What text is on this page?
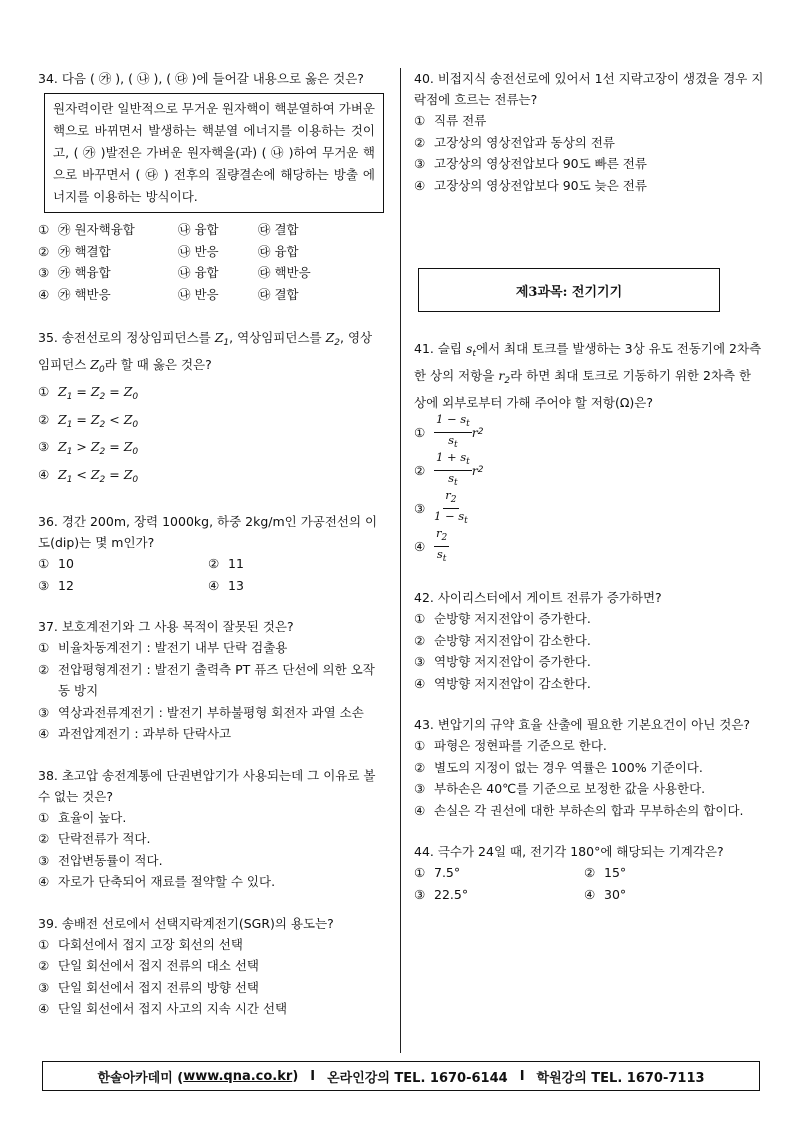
34. 다음 ( ㉮ ), ( ㉯ ), ( ㉰ )에 들어갈 내용으로 옳은 것은?

원자력이란 일반적으로 무거운 원자핵이 핵분열하여 가벼운 핵으로 바뀌면서 발생하는 핵분열 에너지를 이용하는 것이고, ( ㉮ )발전은 가벼운 원자핵을(과) ( ㉯ )하여 무거운 핵으로 바꾸면서 ( ㉰ ) 전후의 질량결손에 해당하는 방출 에너지를 이용하는 방식이다.
① ㉮ 원자핵융합	㉯ 융합	㉰ 결합
② ㉮ 핵결합	㉯ 반응	㉰ 융합
③ ㉮ 핵융합	㉯ 융합	㉰ 핵반응
④ ㉮ 핵반응	㉯ 반응	㉰ 결합

35. 송전선로의 정상임피던스를 $Z_1$, 역상임피던스를 $Z_2$, 영상임피던스 $Z_0$라 할 때 옳은 것은?

① $Z_1 = Z_2 = Z_0$
② $Z_1 = Z_2 < Z_0$
③ $Z_1 > Z_2 = Z_0$
④ $Z_1 < Z_2 = Z_0$

36. 경간 200m, 장력 1000kg, 하중 2kg/m인 가공전선의 이도(dip)는 몇 m인가?

① 10	② 11
③ 12	④ 13

37. 보호계전기와 그 사용 목적이 잘못된 것은?

① 비율차동계전기 : 발전기 내부 단락 검출용
② 전압평형계전기 : 발전기 출력측 PT 퓨즈 단선에 의한 오작동 방지
③ 역상과전류계전기 : 발전기 부하불평형 회전자 과열 소손
④ 과전압계전기 : 과부하 단락사고

38. 초고압 송전계통에 단권변압기가 사용되는데 그 이유로 볼 수 없는 것은?

① 효율이 높다.
② 단락전류가 적다.
③ 전압변동률이 적다.
④ 자로가 단축되어 재료를 절약할 수 있다.

39. 송배전 선로에서 선택지락계전기(SGR)의 용도는?

① 다회선에서 접지 고장 회선의 선택
② 단일 회선에서 접지 전류의 대소 선택
③ 단일 회선에서 접지 전류의 방향 선택
④ 단일 회선에서 접지 사고의 지속 시간 선택

40. 비접지식 송전선로에 있어서 1선 지락고장이 생겼을 경우 지락점에 흐르는 전류는?

① 직류 전류
② 고장상의 영상전압과 동상의 전류
③ 고장상의 영상전압보다 90도 빠른 전류
④ 고장상의 영상전압보다 90도 늦은 전류
제3과목: 전기기기

41. 슬립 $s_t$에서 최대 토크를 발생하는 3상 유도 전동기에 2차측 한 상의 저항을 $r_2$라 하면 최대 토크로 기동하기 위한 2차측 한 상에 외부로부터 가해 주어야 할 저항(Ω)은?

① $\frac{1 - s_t}{s_t}$ r 2
② $\frac{1 + s_t}{s_t}$ r 2
③ $\frac{r_2}{1 - s_t}$
④ $\frac{r_2}{s_t}$

42. 사이리스터에서 게이트 전류가 증가하면?

① 순방향 저지전압이 증가한다.
② 순방향 저지전압이 감소한다.
③ 역방향 저지전압이 증가한다.
④ 역방향 저지전압이 감소한다.

43. 변압기의 규약 효율 산출에 필요한 기본요건이 아닌 것은?

① 파형은 정현파를 기준으로 한다.
② 별도의 지정이 없는 경우 역률은 100% 기준이다.
③ 부하손은 40℃를 기준으로 보정한 값을 사용한다.
④ 손실은 각 권선에 대한 부하손의 합과 무부하손의 합이다.

44. 극수가 24일 때, 전기각 180°에 해당되는 기계각은?

① 7.5°	② 15°
③ 22.5°	④ 30°
한솔아카데미 ( www.qna.co.kr ) I 온라인강의 TEL. 1670-6144 I 학원강의 TEL. 1670-7113
